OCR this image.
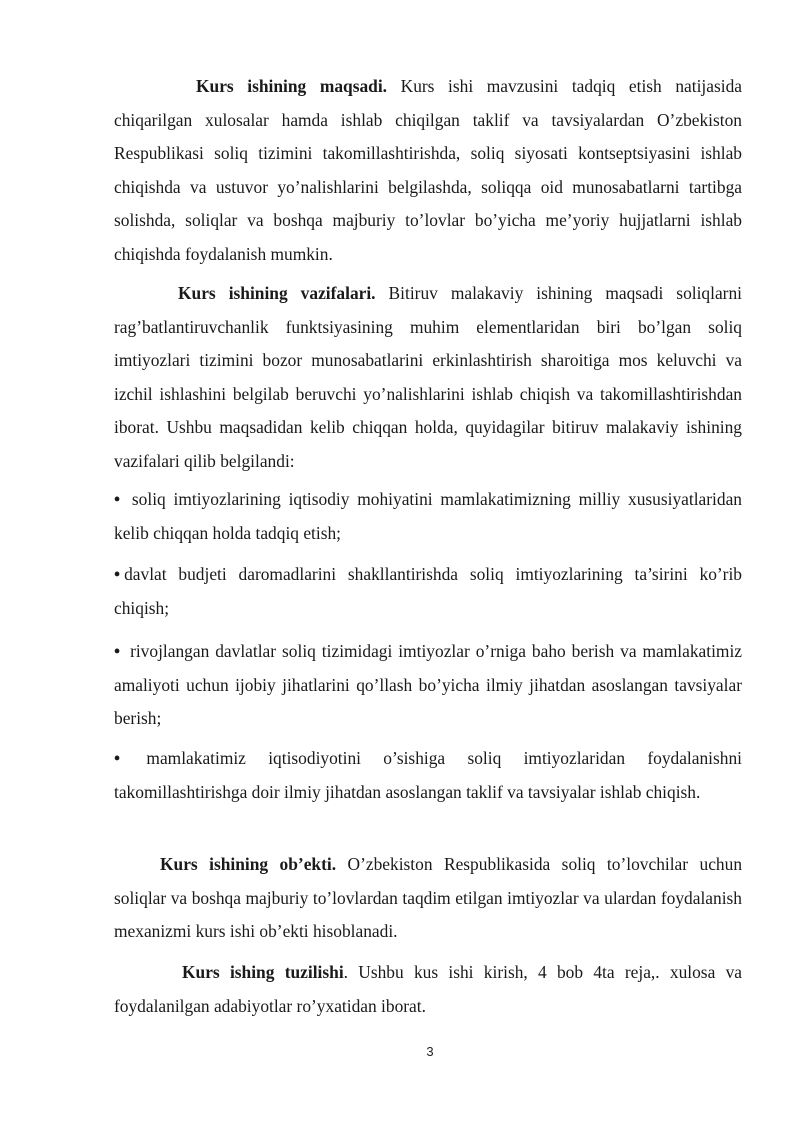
Kurs ishining maqsadi. Kurs ishi mavzusini tadqiq etish natijasida chiqarilgan xulosalar hamda ishlab chiqilgan taklif va tavsiyalardan O’zbekiston Respublikasi soliq tizimini takomillashtirishda, soliq siyosati kontseptsiyasini ishlab chiqishda va ustuvor yo’nalishlarini belgilashda, soliqqa oid munosabatlarni tartibga solishda, soliqlar va boshqa majburiy to’lovlar bo’yicha me’yoriy hujjatlarni ishlab chiqishda foydalanish mumkin.

Kurs ishining vazifalari. Bitiruv malakaviy ishining maqsadi soliqlarni rag’batlantiruvchanlik funktsiyasining muhim elementlaridan biri bo’lgan soliq imtiyozlari tizimini bozor munosabatlarini erkinlashtirish sharoitiga mos keluvchi va izchil ishlashini belgilab beruvchi yo’nalishlarini ishlab chiqish va takomillashtirishdan iborat. Ushbu maqsadidan kelib chiqqan holda, quyidagilar bitiruv malakaviy ishining vazifalari qilib belgilandi:

• soliq imtiyozlarining iqtisodiy mohiyatini mamlakatimizning milliy xususiyatlaridan kelib chiqqan holda tadqiq etish;

• davlat budjeti daromadlarini shakllantirishda soliq imtiyozlarining ta’sirini ko’rib chiqish;

• rivojlangan davlatlar soliq tizimidagi imtiyozlar o’rniga baho berish va mamlakatimiz amaliyoti uchun ijobiy jihatlarini qo’llash bo’yicha ilmiy jihatdan asoslangan tavsiyalar berish;

• mamlakatimiz iqtisodiyotini o’sishiga soliq imtiyozlaridan foydalanishni takomillashtirishga doir ilmiy jihatdan asoslangan taklif va tavsiyalar ishlab chiqish.

Kurs ishining ob’ekti. O’zbekiston Respublikasida soliq to’lovchilar uchun soliqlar va boshqa majburiy to’lovlardan taqdim etilgan imtiyozlar va ulardan foydalanish mexanizmi kurs ishi ob’ekti hisoblanadi.

Kurs ishing tuzilishi. Ushbu kus ishi kirish, 4 bob 4ta reja,. xulosa va foydalanilgan adabiyotlar ro’yxatidan iborat.

3
